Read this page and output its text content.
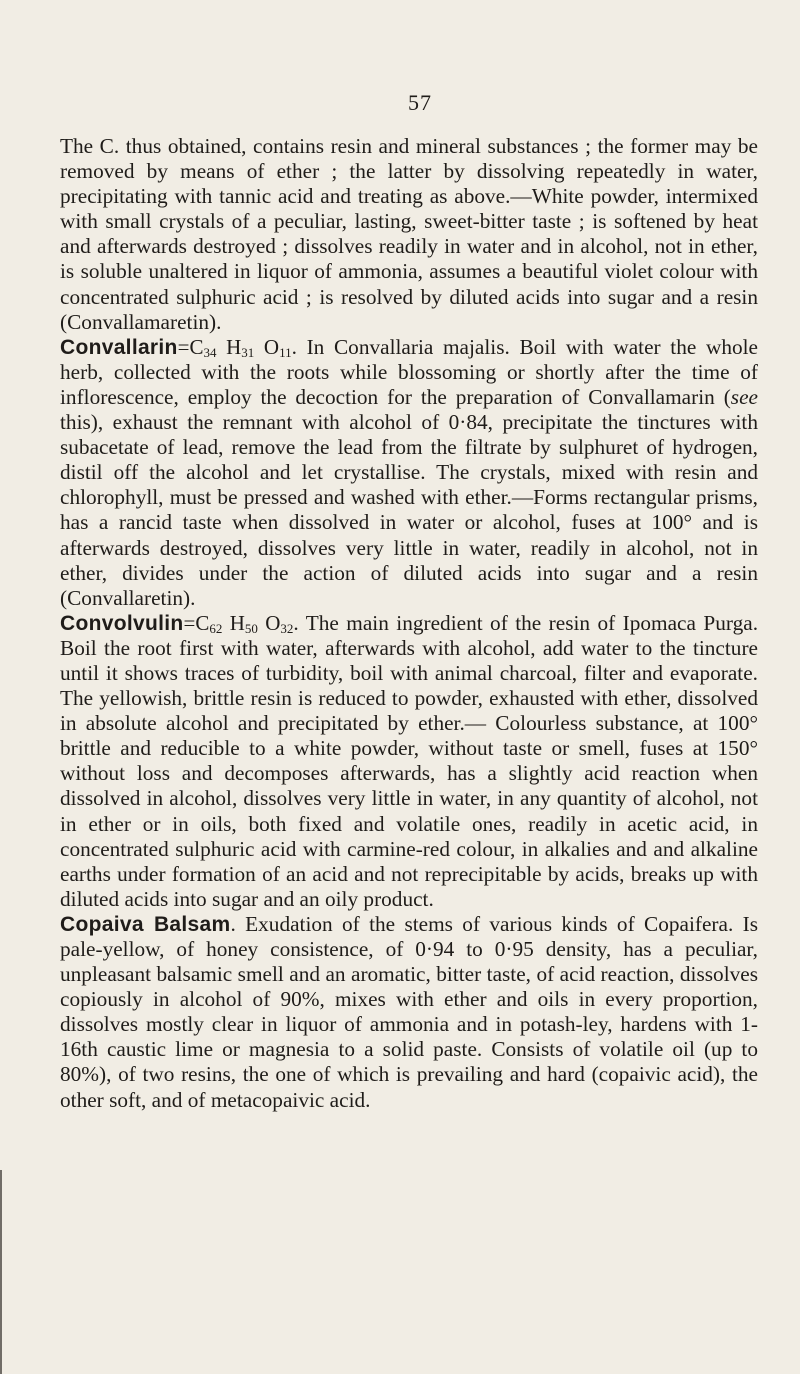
57

The C. thus obtained, contains resin and mineral substances ; the former may be removed by means of ether ; the latter by dissolving repeatedly in water, precipitating with tannic acid and treating as above.—White powder, intermixed with small crystals of a peculiar, lasting, sweet-bitter taste ; is softened by heat and afterwards destroyed ; dissolves readily in water and in alcohol, not in ether, is soluble unaltered in liquor of ammonia, assumes a beautiful violet colour with concentrated sulphuric acid ; is resolved by diluted acids into sugar and a resin (Convallamaretin).

$Convallarin=C_{34}$ $H_{31}$ $O_{11}$. In Convallaria majalis. Boil with water the whole herb, collected with the roots while blossoming or shortly after the time of inflorescence, employ the decoction for the preparation of Convallamarin (see this), exhaust the remnant with alcohol of 0·84, precipitate the tinctures with subacetate of lead, remove the lead from the filtrate by sulphuret of hydrogen, distil off the alcohol and let crystallise. The crystals, mixed with resin and chlorophyll, must be pressed and washed with ether.—Forms rectangular prisms, has a rancid taste when dissolved in water or alcohol, fuses at 100° and is afterwards destroyed, dissolves very little in water, readily in alcohol, not in ether, divides under the action of diluted acids into sugar and a resin (Convallaretin).

$Convolvulin=C_{62}$ $H_{50}$ $O_{32}$. The main ingredient of the resin of Ipomaca Purga. Boil the root first with water, afterwards with alcohol, add water to the tincture until it shows traces of turbidity, boil with animal charcoal, filter and evaporate. The yellowish, brittle resin is reduced to powder, exhausted with ether, dissolved in absolute alcohol and precipitated by ether.— Colourless substance, at 100° brittle and reducible to a white powder, without taste or smell, fuses at 150° without loss and decomposes afterwards, has a slightly acid reaction when dissolved in alcohol, dissolves very little in water, in any quantity of alcohol, not in ether or in oils, both fixed and volatile ones, readily in acetic acid, in concentrated sulphuric acid with carmine-red colour, in alkalies and and alkaline earths under formation of an acid and not reprecipitable by acids, breaks up with diluted acids into sugar and an oily product.

Copaiva Balsam. Exudation of the stems of various kinds of Copaifera. Is pale-yellow, of honey consistence, of 0·94 to 0·95 density, has a peculiar, unpleasant balsamic smell and an aromatic, bitter taste, of acid reaction, dissolves copiously in alcohol of 90%, mixes with ether and oils in every proportion, dissolves mostly clear in liquor of ammonia and in potash-ley, hardens with 1-16th caustic lime or magnesia to a solid paste. Consists of volatile oil (up to 80%), of two resins, the one of which is prevailing and hard (copaivic acid), the other soft, and of metacopaivic acid.
